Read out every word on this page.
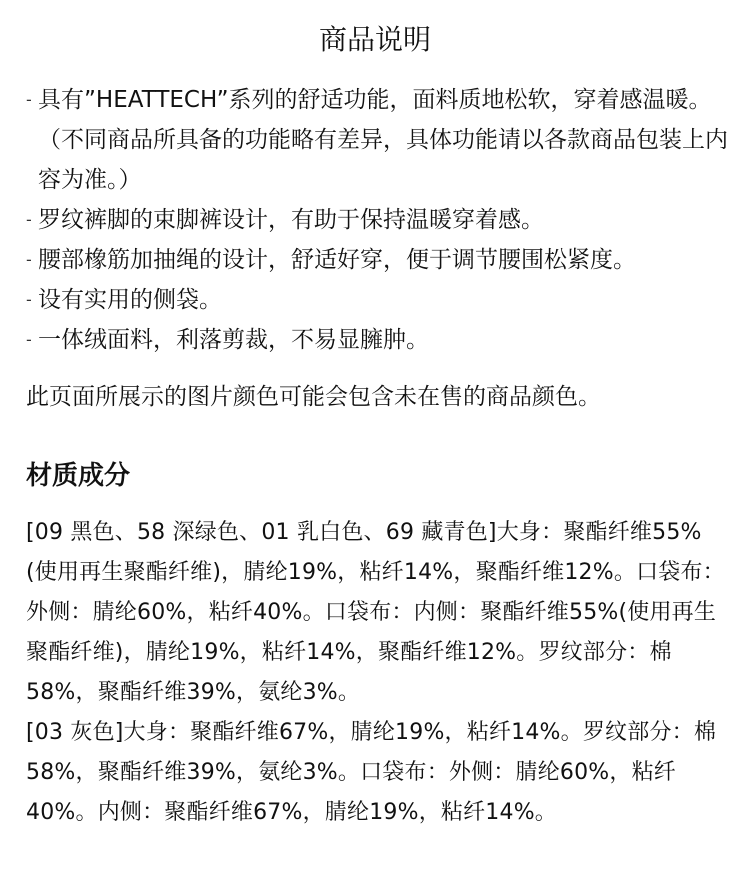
商品说明
- 具有”HEATTECH”系列的舒适功能，面料质地松软，穿着感温暖。（不同商品所具备的功能略有差异，具体功能请以各款商品包装上内容为准。）
- 罗纹裤脚的束脚裤设计，有助于保持温暖穿着感。
- 腰部橡筋加抽绳的设计，舒适好穿，便于调节腰围松紧度。
- 设有实用的侧袋。
- 一体绒面料，利落剪裁，不易显臃肿。
此页面所展示的图片颜色可能会包含未在售的商品颜色。
材质成分

[09 黑色、58 深绿色、01 乳白色、69 藏青色]大身：聚酯纤维55%(使用再生聚酯纤维)，腈纶19%，粘纤14%，聚酯纤维12%。口袋布：外侧：腈纶60%，粘纤40%。口袋布：内侧：聚酯纤维55%(使用再生聚酯纤维)，腈纶19%，粘纤14%，聚酯纤维12%。罗纹部分：棉58%，聚酯纤维39%，氨纶3%。

[03 灰色]大身：聚酯纤维67%，腈纶19%，粘纤14%。罗纹部分：棉58%，聚酯纤维39%，氨纶3%。口袋布：外侧：腈纶60%，粘纤40%。内侧：聚酯纤维67%，腈纶19%，粘纤14%。
